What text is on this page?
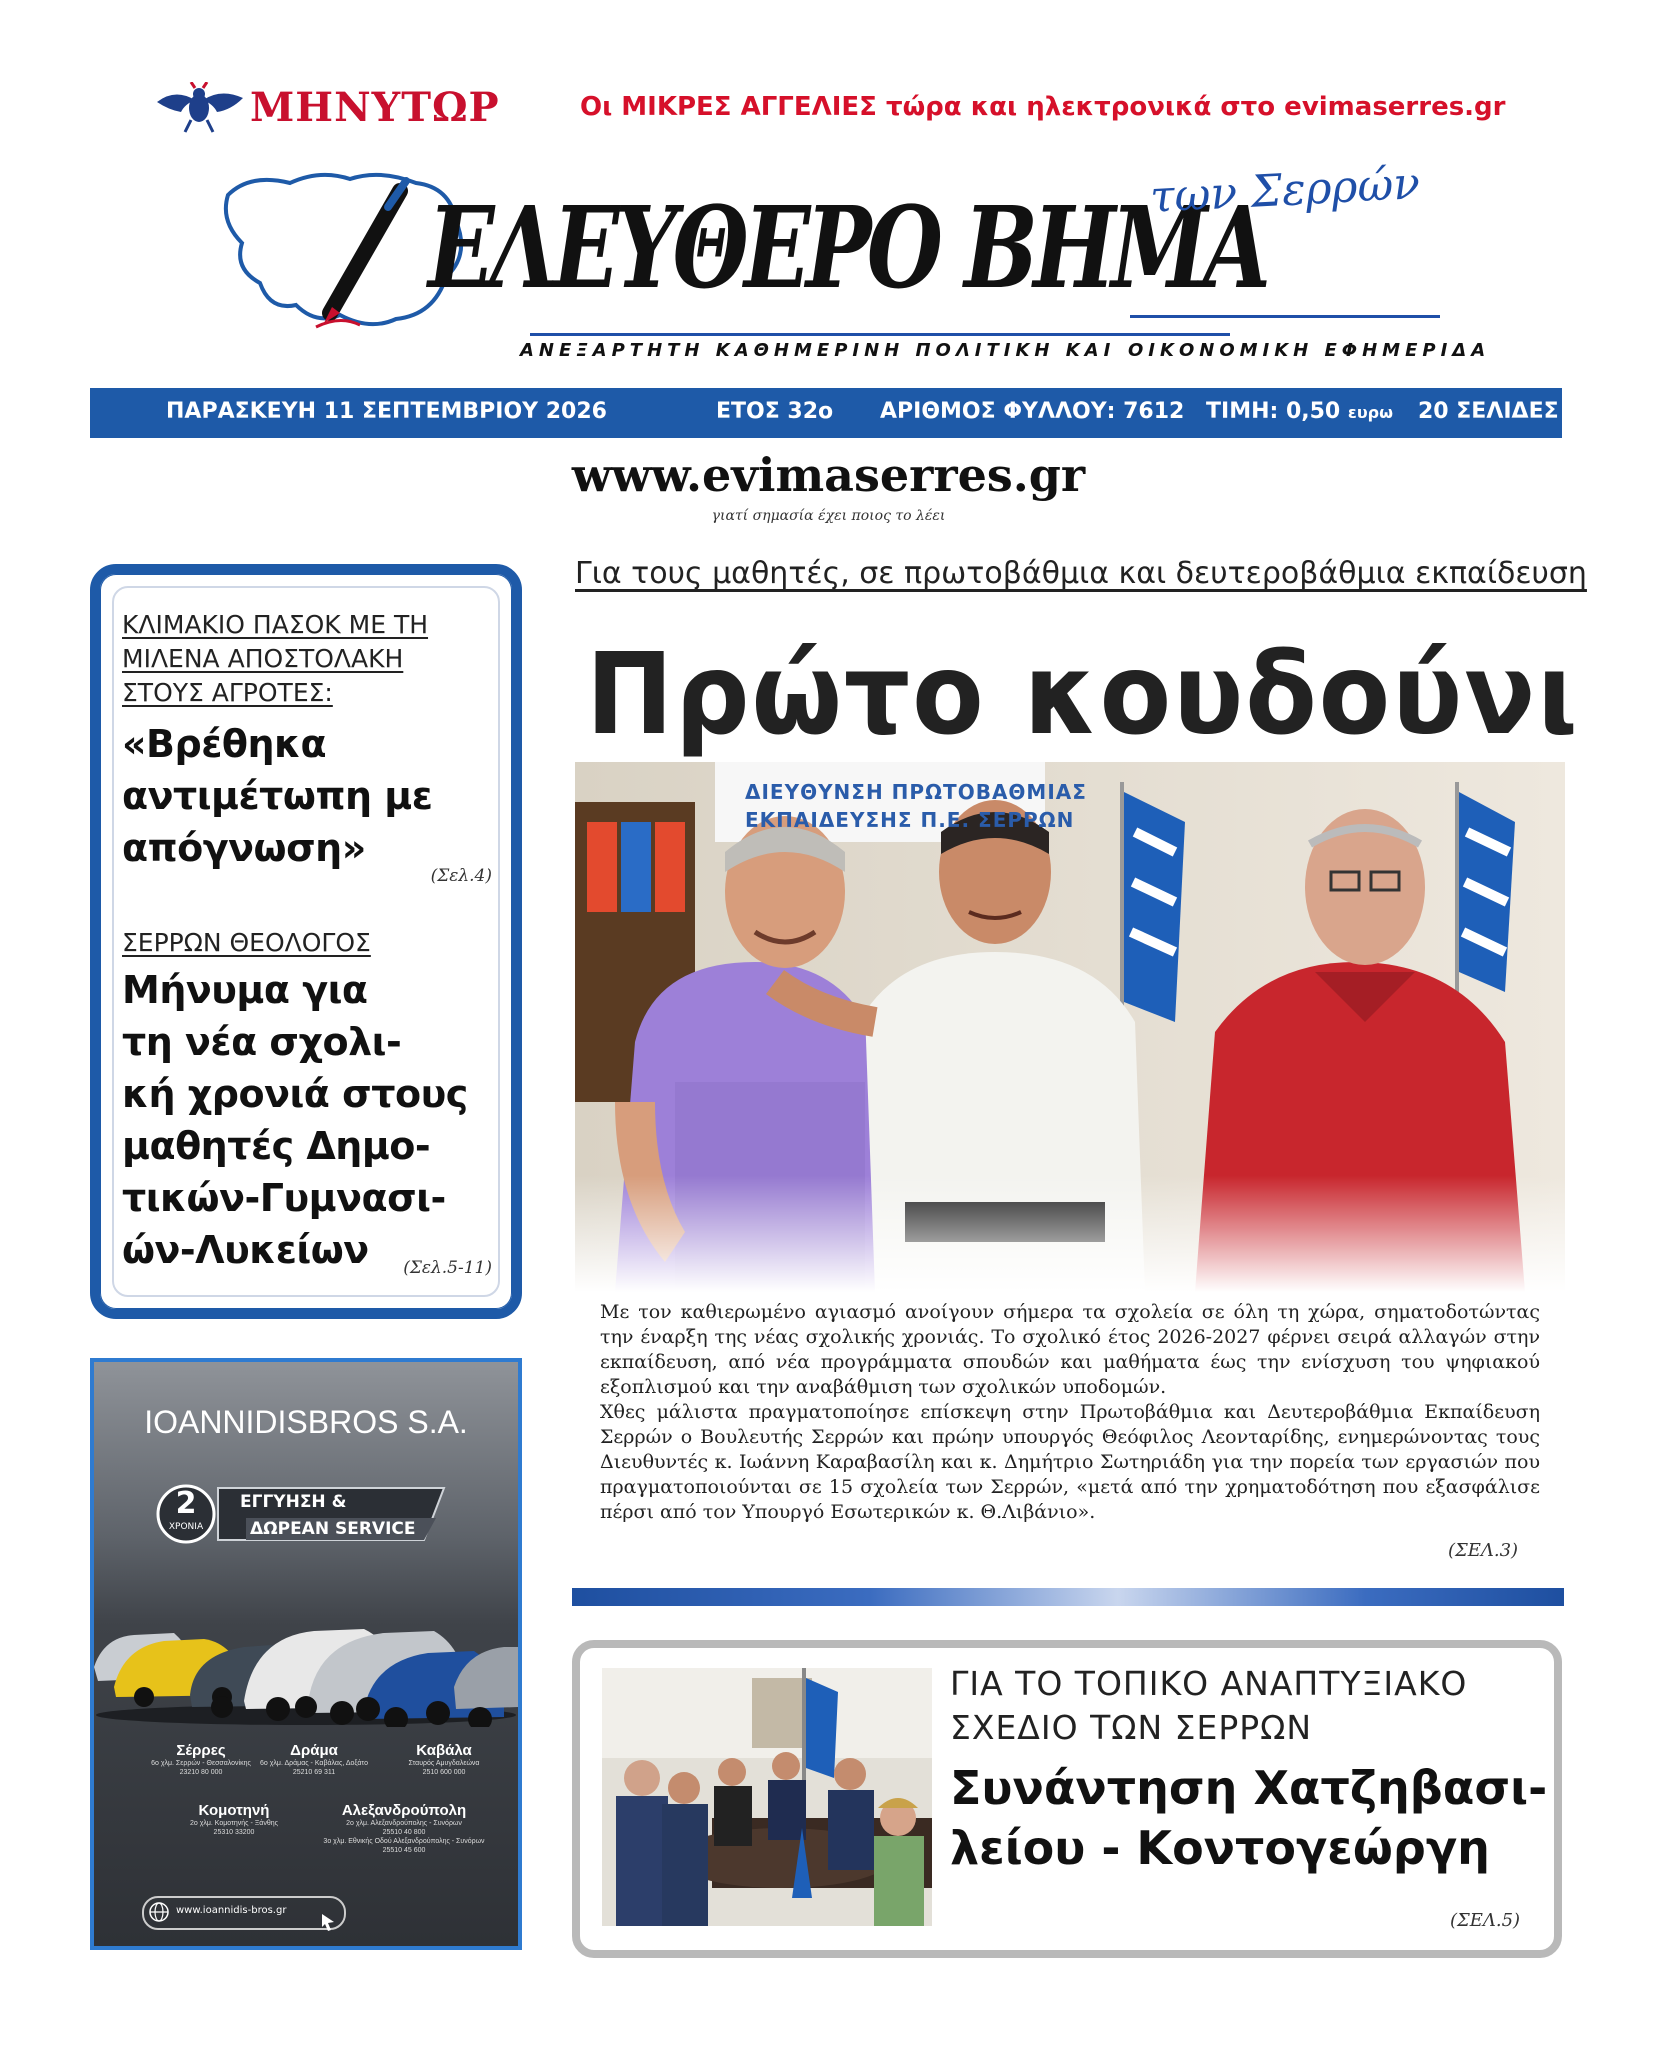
ΜΗΝΥΤΩΡ	Οι ΜΙΚΡΕΣ ΑΓΓΕΛΙΕΣ τώρα και ηλεκτρονικά στο evimaserres.gr
ΕΛΕΥΘΕΡΟ ΒΗΜΑ
των Σερρών
ΑΝΕΞΑΡΤΗΤΗ ΚΑΘΗΜΕΡΙΝΗ ΠΟΛΙΤΙΚΗ ΚΑΙ ΟΙΚΟΝΟΜΙΚΗ ΕΦΗΜΕΡΙΔΑ
ΠΑΡΑΣΚΕΥΗ 11 ΣΕΠΤΕΜΒΡΙΟΥ 2026	ΕΤΟΣ 32ο ΑΡΙΘΜΟΣ ΦΥΛΛΟΥ: 7612 ΤΙΜΗ: 0,50 ευρω 20 ΣΕΛΙΔΕΣ
www.evimaserres.gr
γιατί σημασία έχει ποιος το λέει
ΚΛΙΜΑΚΙΟ ΠΑΣΟΚ ΜΕ ΤΗ
ΜΙΛΕΝΑ ΑΠΟΣΤΟΛΑΚΗ
ΣΤΟΥΣ ΑΓΡΟΤΕΣ:
«Βρέθηκα
αντιμέτωπη με
απόγνωση»
(Σελ.4)
ΣΕΡΡΩΝ ΘΕΟΛΟΓΟΣ
Μήνυμα για
τη νέα σχολι-
κή χρονιά στους
μαθητές Δημο-
τικών-Γυμνασι-
ών-Λυκείων	(Σελ.5-11)
IOANNIDISBROS S.A.
2
ΧΡΟΝΙΑ
ΕΓΓΥΗΣΗ &
ΔΩΡΕΑΝ SERVICE
Σέρρες
6ο χλμ. Σερρών - Θεσσαλονίκης
23210 80 000
Δράμα
6ο χλμ. Δράμας - Καβάλας, Δοξάτο
25210 69 311
Καβάλα
Σταυρός Αμυγδαλεώνα
2510 600 000
Κομοτηνή
2ο χλμ. Κομοτηνής - Ξάνθης
25310 33200
Αλεξανδρούπολη
2ο χλμ. Αλεξανδρούπολης - Συνόρων
25510 40 800
3ο χλμ. Εθνικής Οδού Αλεξανδρούπολης - Συνόρων
25510 45 600
www.ioannidis-bros.gr
Για τους μαθητές, σε πρωτοβάθμια και δευτεροβάθμια εκπαίδευση
Πρώτο κουδούνι
ΔΙΕΥΘΥΝΣΗ ΠΡΩΤΟΒΑΘΜΙΑΣ
ΕΚΠΑΙΔΕΥΣΗΣ Π.Ε. ΣΕΡΡΩΝ

Με τον καθιερωμένο αγιασμό ανοίγουν σήμερα τα σχολεία σε όλη τη χώρα, σηματοδοτώντας την έναρξη της νέας σχολικής χρονιάς. Το σχολικό έτος 2026-2027 φέρνει σειρά αλλαγών στην εκπαίδευση, από νέα προγράμματα σπουδών και μαθήματα έως την ενίσχυση του ψηφιακού εξοπλισμού και την αναβάθμιση των σχολικών υποδομών.

Χθες μάλιστα πραγματοποίησε επίσκεψη στην Πρωτοβάθμια και Δευτεροβάθμια Εκπαίδευση Σερρών ο Βουλευτής Σερρών και πρώην υπουργός Θεόφιλος Λεονταρίδης, ενημερώνοντας τους Διευθυντές κ. Ιωάννη Καραβασίλη και κ. Δημήτριο Σωτηριάδη για την πορεία των εργασιών που πραγματοποιούνται σε 15 σχολεία των Σερρών, «μετά από την χρηματοδότηση που εξασφάλισε πέρσι από τον Υπουργό Εσωτερικών κ. Θ.Λιβάνιο».

(ΣΕΛ.3)
ΓΙΑ ΤΟ ΤΟΠΙΚΟ ΑΝΑΠΤΥΞΙΑΚΟ
ΣΧΕΔΙΟ ΤΩΝ ΣΕΡΡΩΝ
Συνάντηση Χατζηβασι-
λείου - Κοντογεώργη
(ΣΕΛ.5)
